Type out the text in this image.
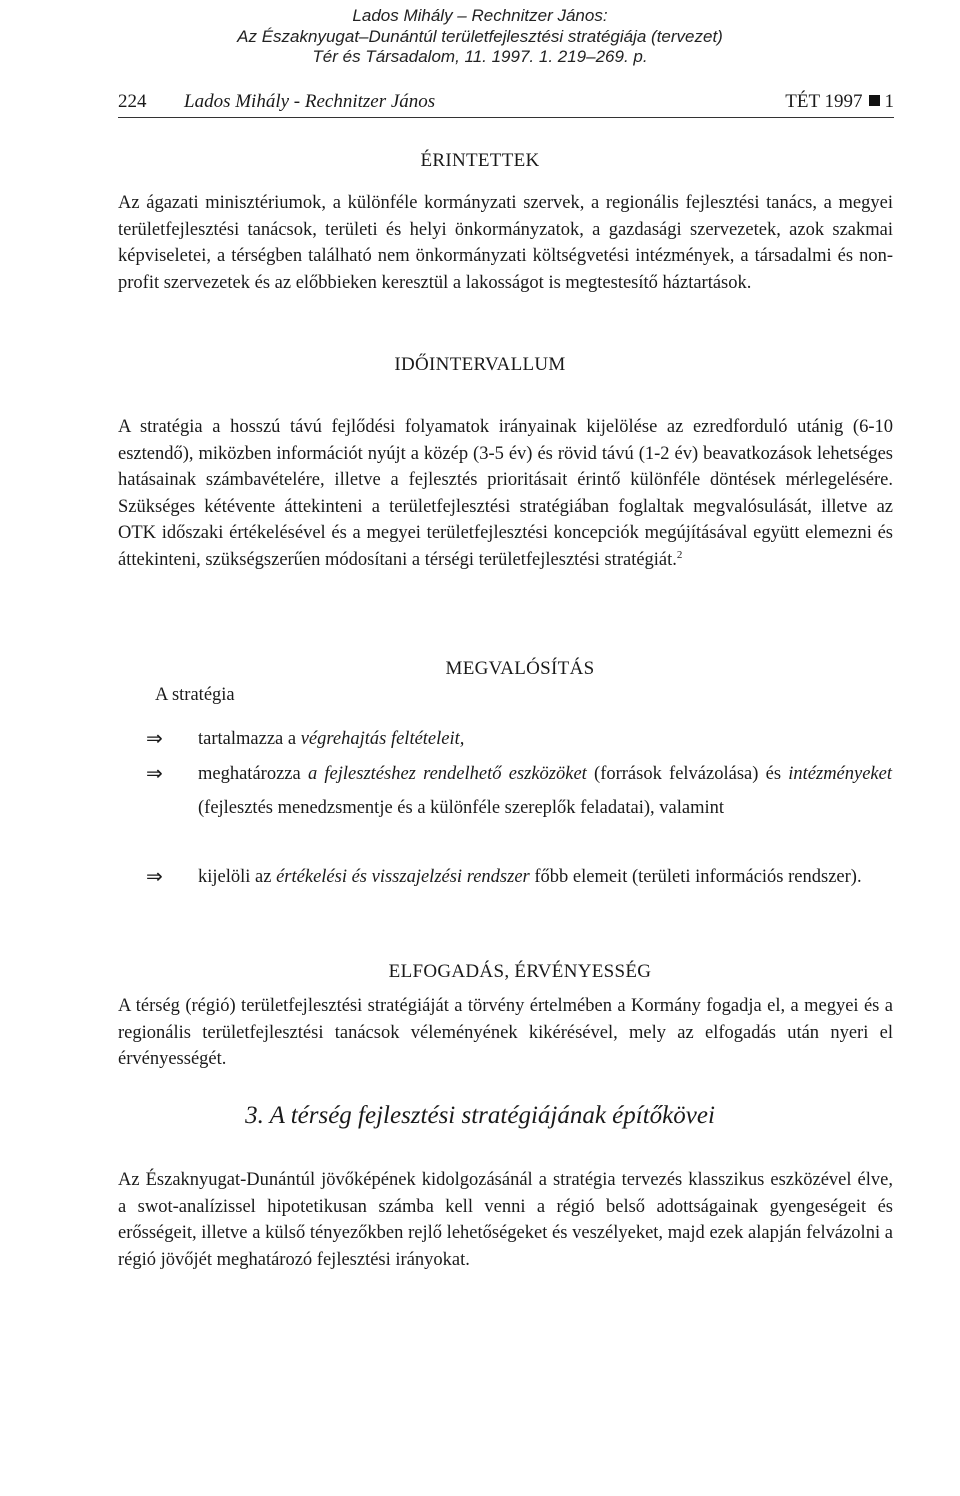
Lados Mihály – Rechnitzer János:
Az Északnyugat–Dunántúl területfejlesztési stratégiája (tervezet)
Tér és Társadalom, 11. 1997. 1. 219–269. p.
224 Lados Mihály - Rechnitzer János	TÉT 1997 1
ÉRINTETTEK

Az ágazati minisztériumok, a különféle kormányzati szervek, a regionális fejlesztési tanács, a megyei területfejlesztési tanácsok, területi és helyi önkormányzatok, a gazdasági szervezetek, azok szakmai képviseletei, a térségben található nem önkormányzati költségvetési intézmények, a társadalmi és non-profit szervezetek és az előbbieken keresztül a lakosságot is megtestesítő háztartások.

IDŐINTERVALLUM

A stratégia a hosszú távú fejlődési folyamatok irányainak kijelölése az ezredforduló utánig (6-10 esztendő), miközben információt nyújt a közép (3-5 év) és rövid távú (1-2 év) beavatkozások lehetséges hatásainak számbavételére, illetve a fejlesztés prioritásait érintő különféle döntések mérlegelésére. Szükséges kétévente áttekinteni a területfejlesztési stratégiában foglaltak megvalósulását, illetve az OTK időszaki értékelésével és a megyei területfejlesztési koncepciók megújításával együtt elemezni és áttekinteni, szükségszerűen módosítani a térségi területfejlesztési stratégiát.$^2$

MEGVALÓSÍTÁS
A stratégia
⇒ tartalmazza a végrehajtás feltételeit,

⇒ meghatározza a fejlesztéshez rendelhető eszközöket (források felvázolása) és intézményeket (fejlesztés menedzsmentje és a különféle szereplők feladatai), valamint

⇒ kijelöli az értékelési és visszajelzési rendszer főbb elemeit (területi információs rendszer).

ELFOGADÁS, ÉRVÉNYESSÉG

A térség (régió) területfejlesztési stratégiáját a törvény értelmében a Kormány fogadja el, a megyei és a regionális területfejlesztési tanácsok véleményének kikérésével, mely az elfogadás után nyeri el érvényességét.

3. A térség fejlesztési stratégiájának építőkövei

Az Északnyugat-Dunántúl jövőképének kidolgozásánál a stratégia tervezés klasszikus eszközével élve, a swot-analízissel hipotetikusan számba kell venni a régió belső adottságainak gyengeségeit és erősségeit, illetve a külső tényezőkben rejlő lehetőségeket és veszélyeket, majd ezek alapján felvázolni a régió jövőjét meghatározó fejlesztési irányokat.
